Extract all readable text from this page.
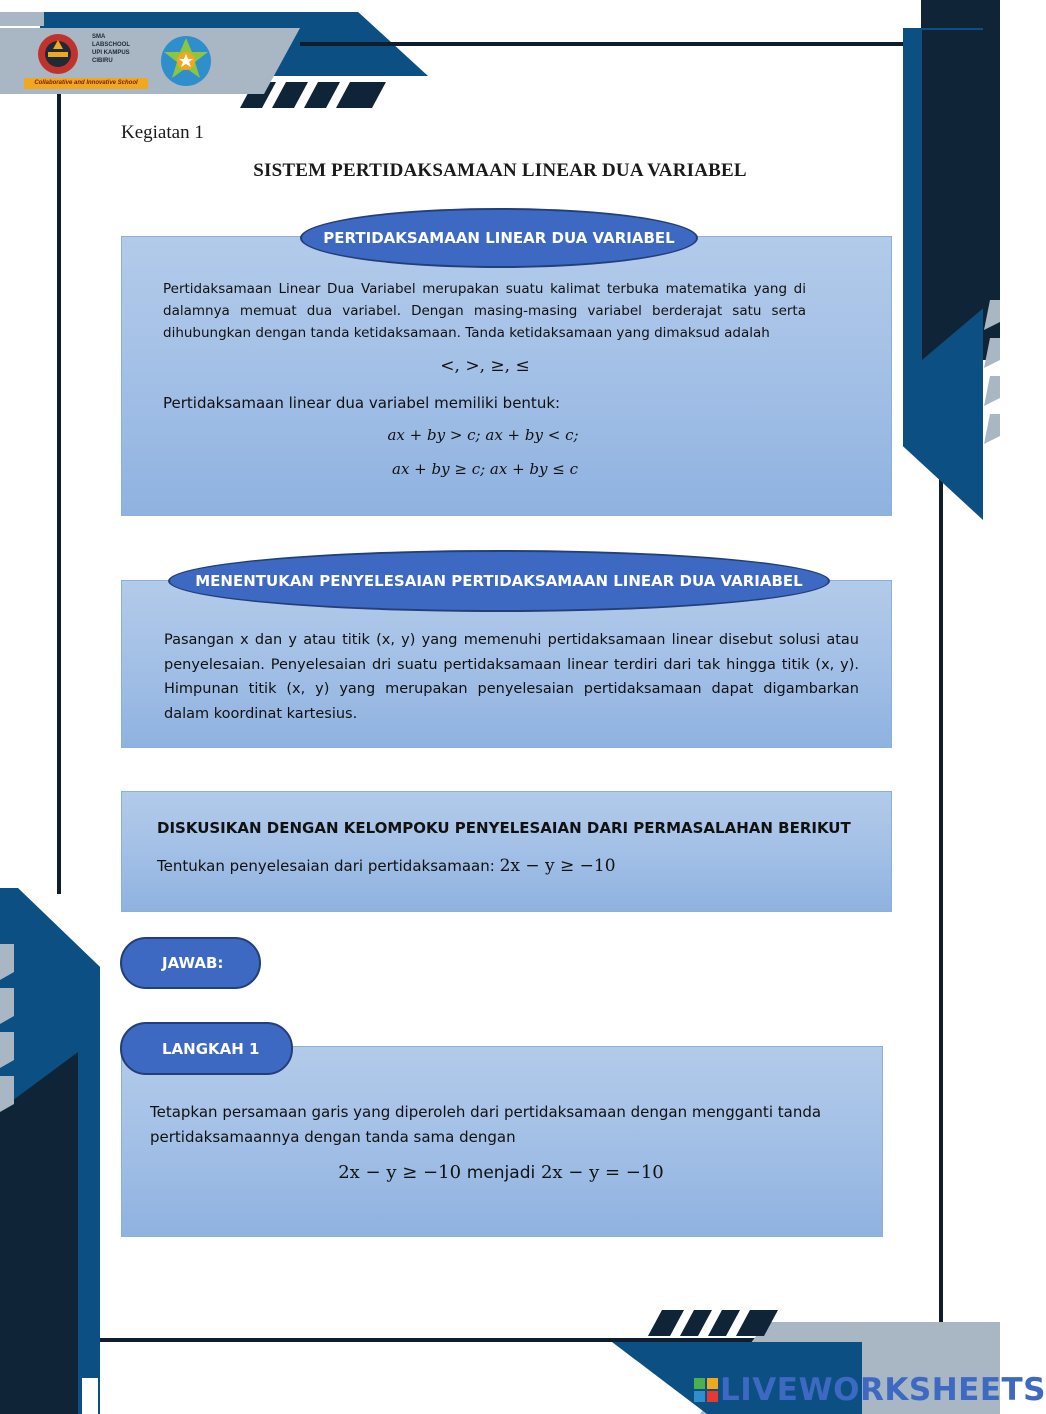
SMA
LABSCHOOL
UPI KAMPUS
CIBIRU
Collaborative and Innovative School
Kegiatan 1
SISTEM PERTIDAKSAMAAN LINEAR DUA VARIABEL
PERTIDAKSAMAAN LINEAR DUA VARIABEL
Pertidaksamaan Linear Dua Variabel merupakan suatu kalimat terbuka matematika yang di dalamnya memuat dua variabel. Dengan masing-masing variabel berderajat satu serta dihubungkan dengan tanda ketidaksamaan. Tanda ketidaksamaan yang dimaksud adalah
<, >, ≥, ≤
Pertidaksamaan linear dua variabel memiliki bentuk:
ax + by > c; ax + by < c;
ax + by ≥ c; ax + by ≤ c
MENENTUKAN PENYELESAIAN PERTIDAKSAMAAN LINEAR DUA VARIABEL
Pasangan x dan y atau titik (x, y) yang memenuhi pertidaksamaan linear disebut solusi atau penyelesaian. Penyelesaian dri suatu pertidaksamaan linear terdiri dari tak hingga titik (x, y). Himpunan titik (x, y) yang merupakan penyelesaian pertidaksamaan dapat digambarkan dalam koordinat kartesius.
DISKUSIKAN DENGAN KELOMPOKU PENYELESAIAN DARI PERMASALAHAN BERIKUT
Tentukan penyelesaian dari pertidaksamaan: 2x − y ≥ −10
JAWAB:
LANGKAH 1
Tetapkan persamaan garis yang diperoleh dari pertidaksamaan dengan mengganti tanda pertidaksamaannya dengan tanda sama dengan
2x − y ≥ −10 menjadi 2x − y = −10
LIVEWORKSHEETS
